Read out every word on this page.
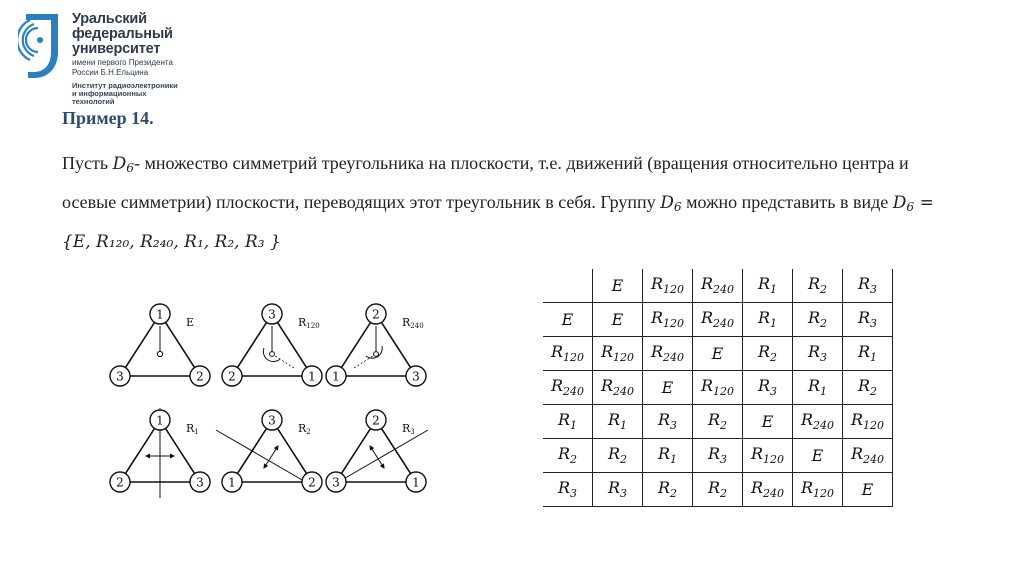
Уральский
федеральный
университет
имени первого Президента
России Б.Н.Ельцина
Институт радиоэлектроники
и информационных
технологий
Пример 14.
Пусть $D_6-$ множество симметрий треугольника на плоскости, т.е. движений (вращения относительно центра и осевые симметрии) плоскости, переводящих этот треугольник в себя. Группу $D_6$ можно представить в виде $D_6 = \{E$, R₁₂₀, R₂₄₀, R₁, R₂, R₃ }
1
3	2
E
3
2	1
R120
2
1	3
R240
1
2	3
R1
3
1	2
R2
2
3	1
R3
	E	$R_{120}$	$R_{240}$	$R_1$	$R_2$	$R_3$
E	E	$R_{120}$	$R_{240}$	$R_1$	$R_2$	$R_3$
$R_{120}$	$R_{120}$	$R_{240}$	E	$R_2$	$R_3$	$R_1$
$R_{240}$	$R_{240}$	E	$R_{120}$	$R_3$	$R_1$	$R_2$
$R_1$	$R_1$	$R_3$	$R_2$	E	$R_{240}$	$R_{120}$
$R_2$	$R_2$	$R_1$	$R_3$	$R_{120}$	E	$R_{240}$
$R_3$	$R_3$	$R_2$	$R_2$	$R_{240}$	$R_{120}$	E
